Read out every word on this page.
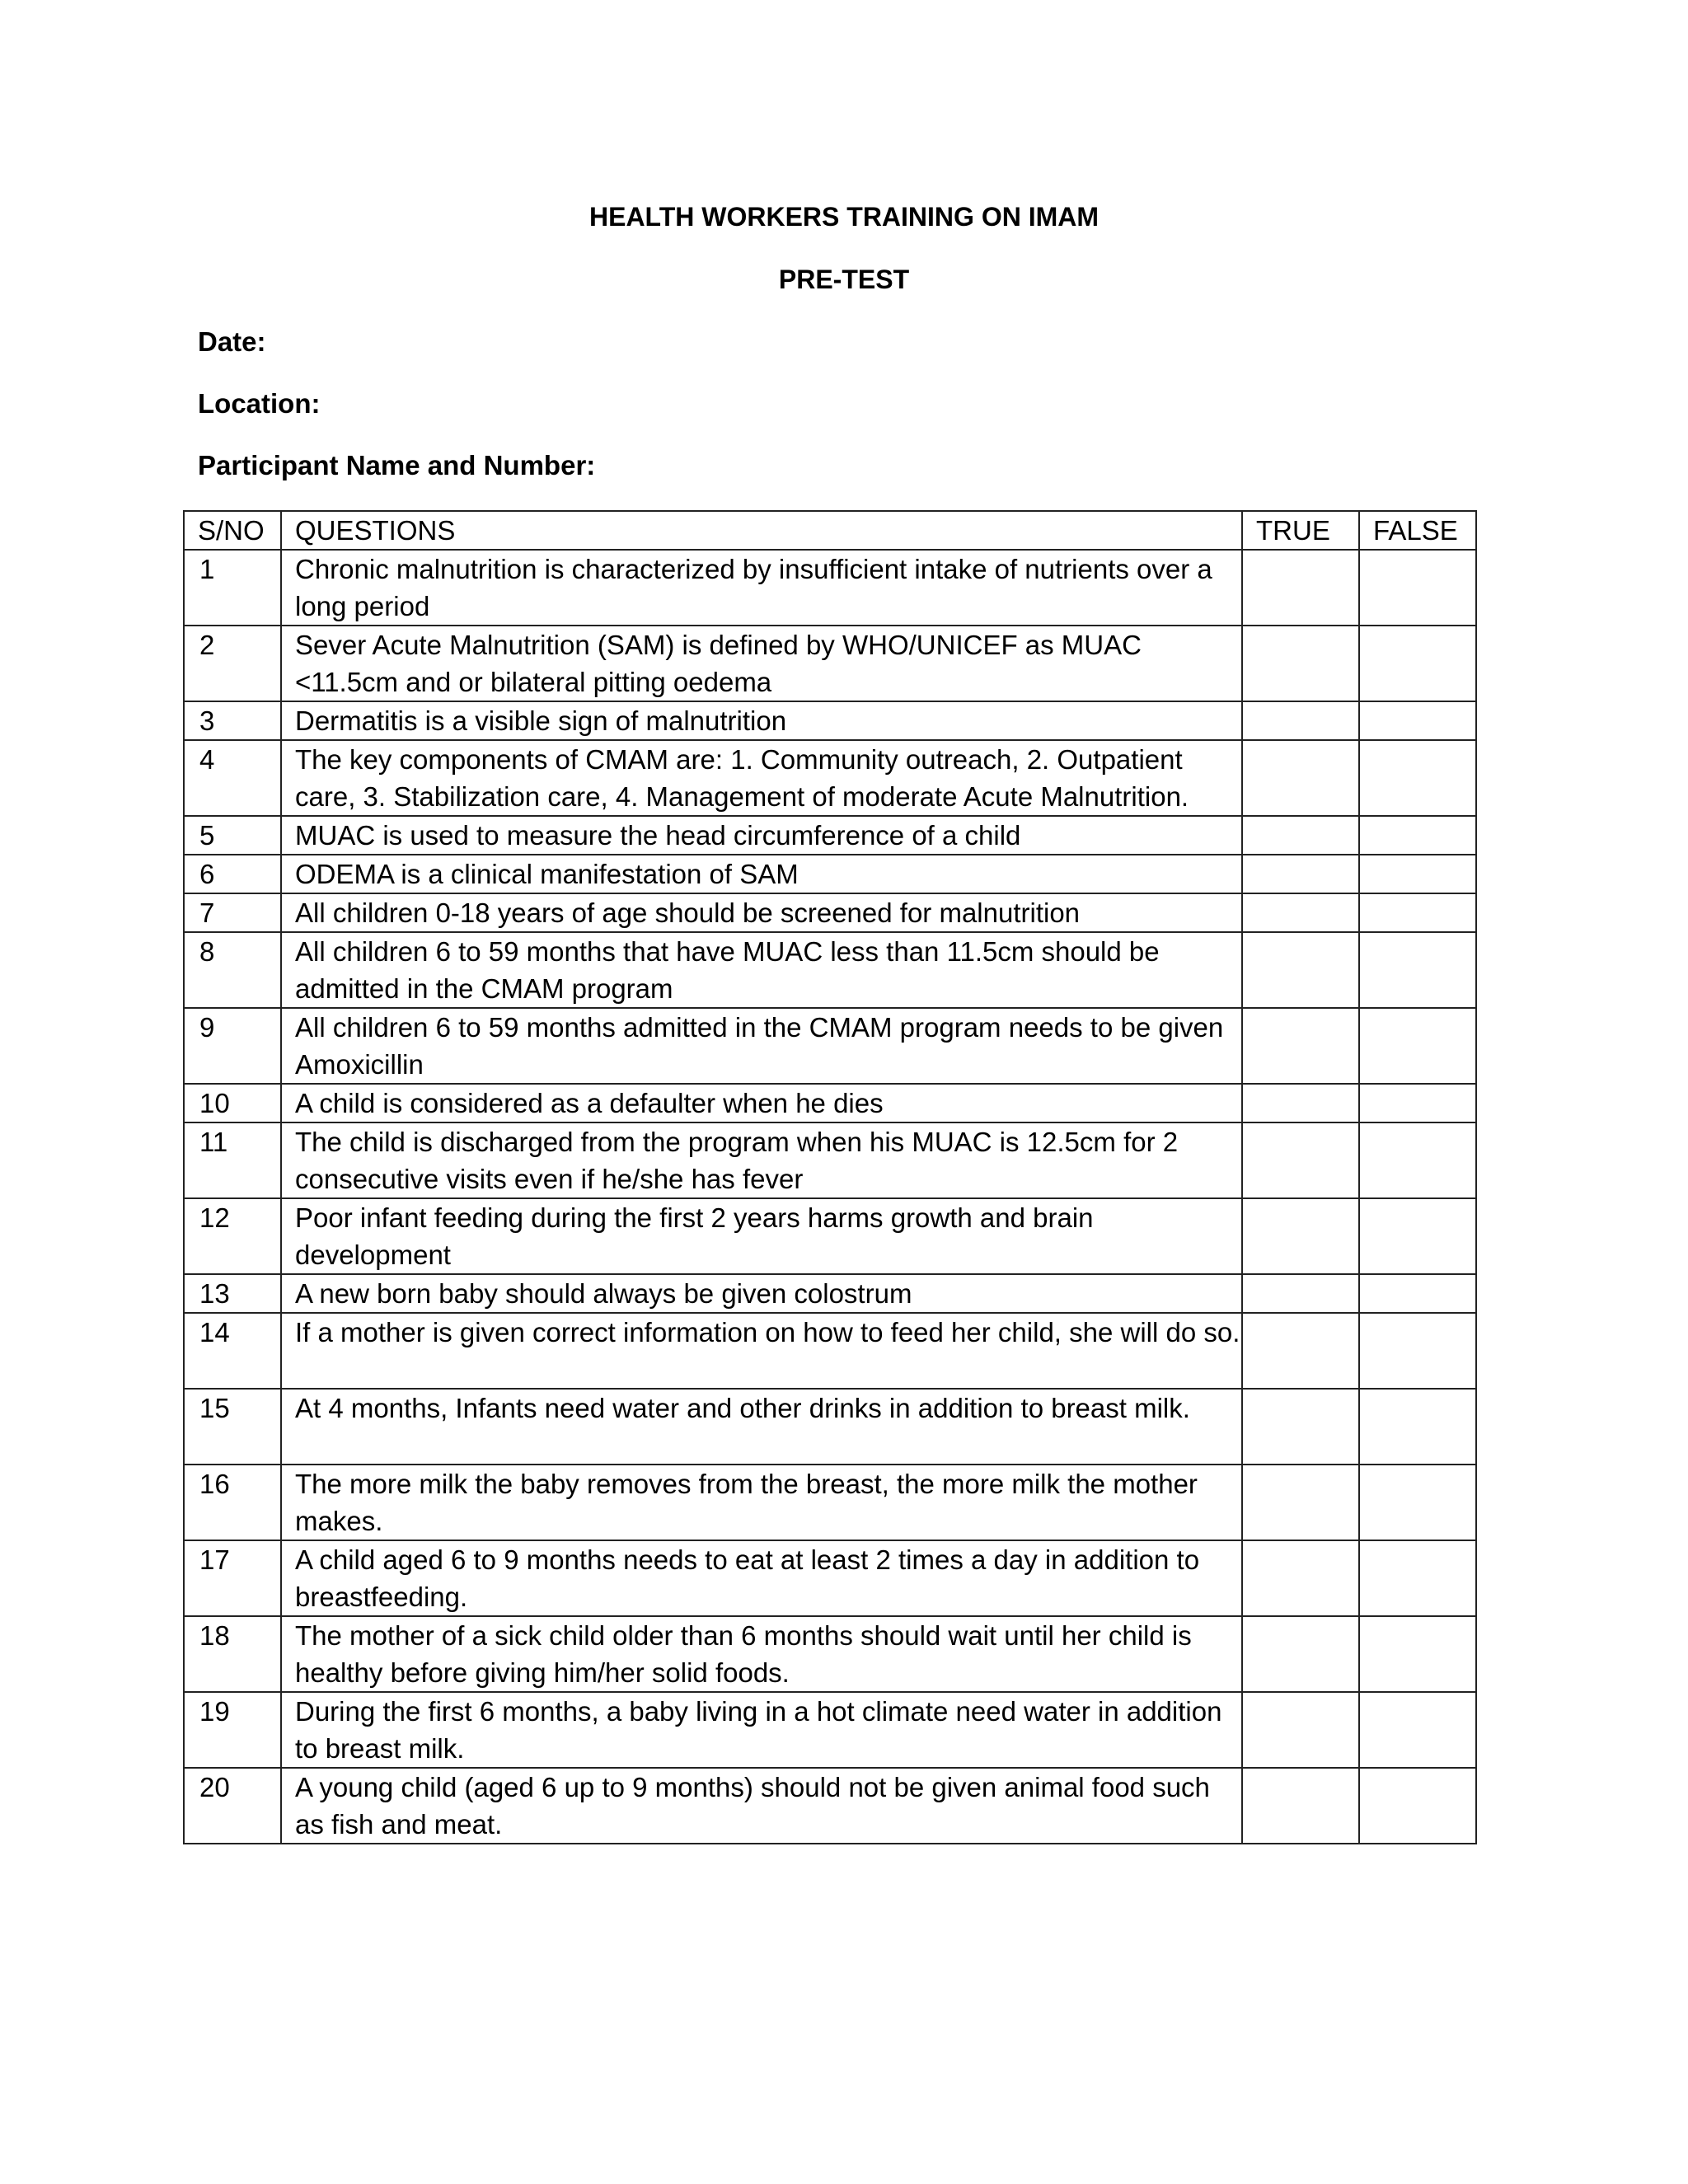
HEALTH WORKERS TRAINING ON IMAM
PRE-TEST
Date:
Location:
Participant Name and Number:
S/NO	QUESTIONS	TRUE	FALSE
1	Chronic malnutrition is characterized by insufficient intake of nutrients over a long period		
2	Sever Acute Malnutrition (SAM) is defined by WHO/UNICEF as MUAC <11.5cm and or bilateral pitting oedema		
3	Dermatitis is a visible sign of malnutrition		
4	The key components of CMAM are: 1. Community outreach, 2. Outpatient care, 3. Stabilization care, 4. Management of moderate Acute Malnutrition.		
5	MUAC is used to measure the head circumference of a child		
6	ODEMA is a clinical manifestation of SAM		
7	All children 0-18 years of age should be screened for malnutrition		
8	All children 6 to 59 months that have MUAC less than 11.5cm should be admitted in the CMAM program		
9	All children 6 to 59 months admitted in the CMAM program needs to be given Amoxicillin		
10	A child is considered as a defaulter when he dies		
11	The child is discharged from the program when his MUAC is 12.5cm for 2 consecutive visits even if he/she has fever		
12	Poor infant feeding during the first 2 years harms growth and brain development		
13	A new born baby should always be given colostrum		
14	If a mother is given correct information on how to feed her child, she will do so.		
15	At 4 months, Infants need water and other drinks in addition to breast milk.		
16	The more milk the baby removes from the breast, the more milk the mother makes.		
17	A child aged 6 to 9 months needs to eat at least 2 times a day in addition to breastfeeding.		
18	The mother of a sick child older than 6 months should wait until her child is healthy before giving him/her solid foods.		
19	During the first 6 months, a baby living in a hot climate need water in addition to breast milk.		
20	A young child (aged 6 up to 9 months) should not be given animal food such as fish and meat.		
